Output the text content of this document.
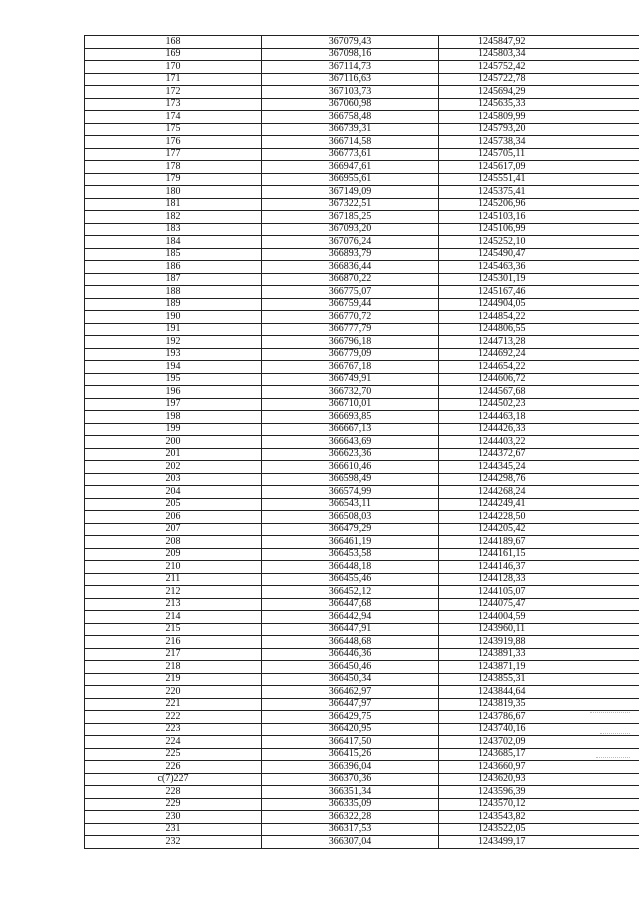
168	367079,43	1245847,92
169	367098,16	1245803,34
170	367114,73	1245752,42
171	367116,63	1245722,78
172	367103,73	1245694,29
173	367060,98	1245635,33
174	366758,48	1245809,99
175	366739,31	1245793,20
176	366714,58	1245738,34
177	366773,61	1245705,11
178	366947,61	1245617,09
179	366955,61	1245551,41
180	367149,09	1245375,41
181	367322,51	1245206,96
182	367185,25	1245103,16
183	367093,20	1245106,99
184	367076,24	1245252,10
185	366893,79	1245490,47
186	366836,44	1245463,36
187	366870,22	1245301,19
188	366775,07	1245167,46
189	366759,44	1244904,05
190	366770,72	1244854,22
191	366777,79	1244806,55
192	366796,18	1244713,28
193	366779,09	1244692,24
194	366767,18	1244654,22
195	366749,91	1244606,72
196	366732,70	1244567,68
197	366710,01	1244502,23
198	366693,85	1244463,18
199	366667,13	1244426,33
200	366643,69	1244403,22
201	366623,36	1244372,67
202	366610,46	1244345,24
203	366598,49	1244298,76
204	366574,99	1244268,24
205	366543,11	1244249,41
206	366508,03	1244228,50
207	366479,29	1244205,42
208	366461,19	1244189,67
209	366453,58	1244161,15
210	366448,18	1244146,37
211	366455,46	1244128,33
212	366452,12	1244105,07
213	366447,68	1244075,47
214	366442,94	1244004,59
215	366447,91	1243960,11
216	366448,68	1243919,88
217	366446,36	1243891,33
218	366450,46	1243871,19
219	366450,34	1243855,31
220	366462,97	1243844,64
221	366447,97	1243819,35
222	366429,75	1243786,67
223	366420,95	1243740,16
224	366417,50	1243702,09
225	366415,26	1243685,17
226	366396,04	1243660,97
c(7)227	366370,36	1243620,93
228	366351,34	1243596,39
229	366335,09	1243570,12
230	366322,28	1243543,82
231	366317,53	1243522,05
232	366307,04	1243499,17
